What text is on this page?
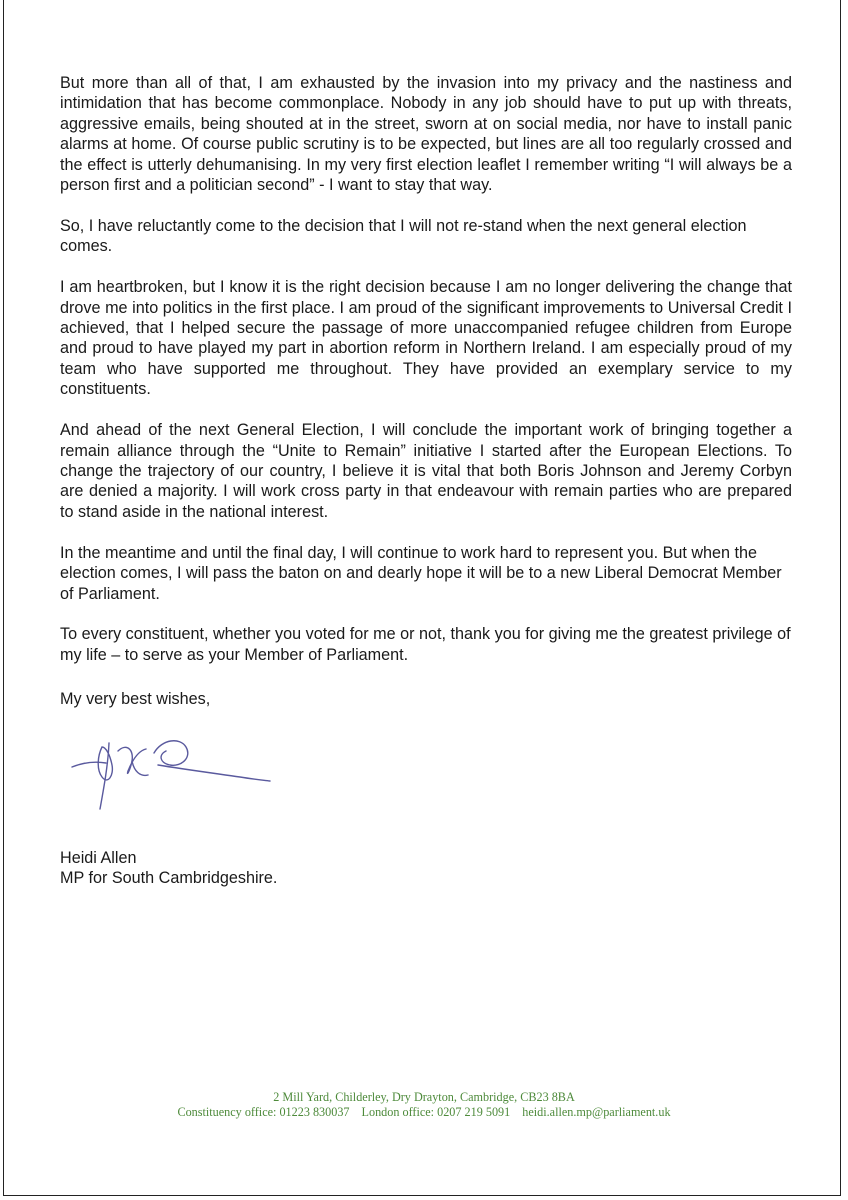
But more than all of that, I am exhausted by the invasion into my privacy and the nastiness and intimidation that has become commonplace. Nobody in any job should have to put up with threats, aggressive emails, being shouted at in the street, sworn at on social media, nor have to install panic alarms at home. Of course public scrutiny is to be expected, but lines are all too regularly crossed and the effect is utterly dehumanising. In my very first election leaflet I remember writing “I will always be a person first and a politician second” - I want to stay that way.

So, I have reluctantly come to the decision that I will not re-stand when the next general election comes.

I am heartbroken, but I know it is the right decision because I am no longer delivering the change that drove me into politics in the first place. I am proud of the significant improvements to Universal Credit I achieved, that I helped secure the passage of more unaccompanied refugee children from Europe and proud to have played my part in abortion reform in Northern Ireland. I am especially proud of my team who have supported me throughout. They have provided an exemplary service to my constituents.

And ahead of the next General Election, I will conclude the important work of bringing together a remain alliance through the “Unite to Remain” initiative I started after the European Elections. To change the trajectory of our country, I believe it is vital that both Boris Johnson and Jeremy Corbyn are denied a majority. I will work cross party in that endeavour with remain parties who are prepared to stand aside in the national interest.

In the meantime and until the final day, I will continue to work hard to represent you. But when the election comes, I will pass the baton on and dearly hope it will be to a new Liberal Democrat Member of Parliament.

To every constituent, whether you voted for me or not, thank you for giving me the greatest privilege of my life – to serve as your Member of Parliament.

My very best wishes,
Heidi Allen
MP for South Cambridgeshire.
2 Mill Yard, Childerley, Dry Drayton, Cambridge, CB23 8BA
Constituency office: 01223 830037 London office: 0207 219 5091 heidi.allen.mp@parliament.uk
